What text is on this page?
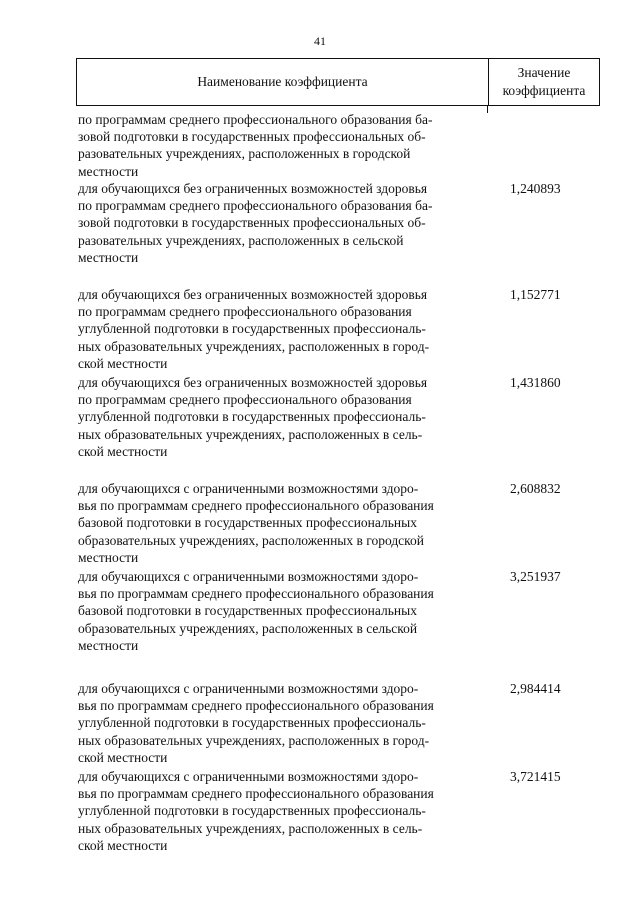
41
Наименование коэффициента
Значение
коэффициента
по программам среднего профессионального образования ба-
зовой подготовки в государственных профессиональных об-
разовательных учреждениях, расположенных в городской
местности
для обучающихся без ограниченных возможностей здоровья
по программам среднего профессионального образования ба-
зовой подготовки в государственных профессиональных об-
разовательных учреждениях, расположенных в сельской
местности
1,240893
для обучающихся без ограниченных возможностей здоровья
по программам среднего профессионального образования
углубленной подготовки в государственных профессиональ-
ных образовательных учреждениях, расположенных в город-
ской местности
1,152771
для обучающихся без ограниченных возможностей здоровья
по программам среднего профессионального образования
углубленной подготовки в государственных профессиональ-
ных образовательных учреждениях, расположенных в сель-
ской местности
1,431860
для обучающихся с ограниченными возможностями здоро-
вья по программам среднего профессионального образования
базовой подготовки в государственных профессиональных
образовательных учреждениях, расположенных в городской
местности
2,608832
для обучающихся с ограниченными возможностями здоро-
вья по программам среднего профессионального образования
базовой подготовки в государственных профессиональных
образовательных учреждениях, расположенных в сельской
местности
3,251937
для обучающихся с ограниченными возможностями здоро-
вья по программам среднего профессионального образования
углубленной подготовки в государственных профессиональ-
ных образовательных учреждениях, расположенных в город-
ской местности
2,984414
для обучающихся с ограниченными возможностями здоро-
вья по программам среднего профессионального образования
углубленной подготовки в государственных профессиональ-
ных образовательных учреждениях, расположенных в сель-
ской местности
3,721415
